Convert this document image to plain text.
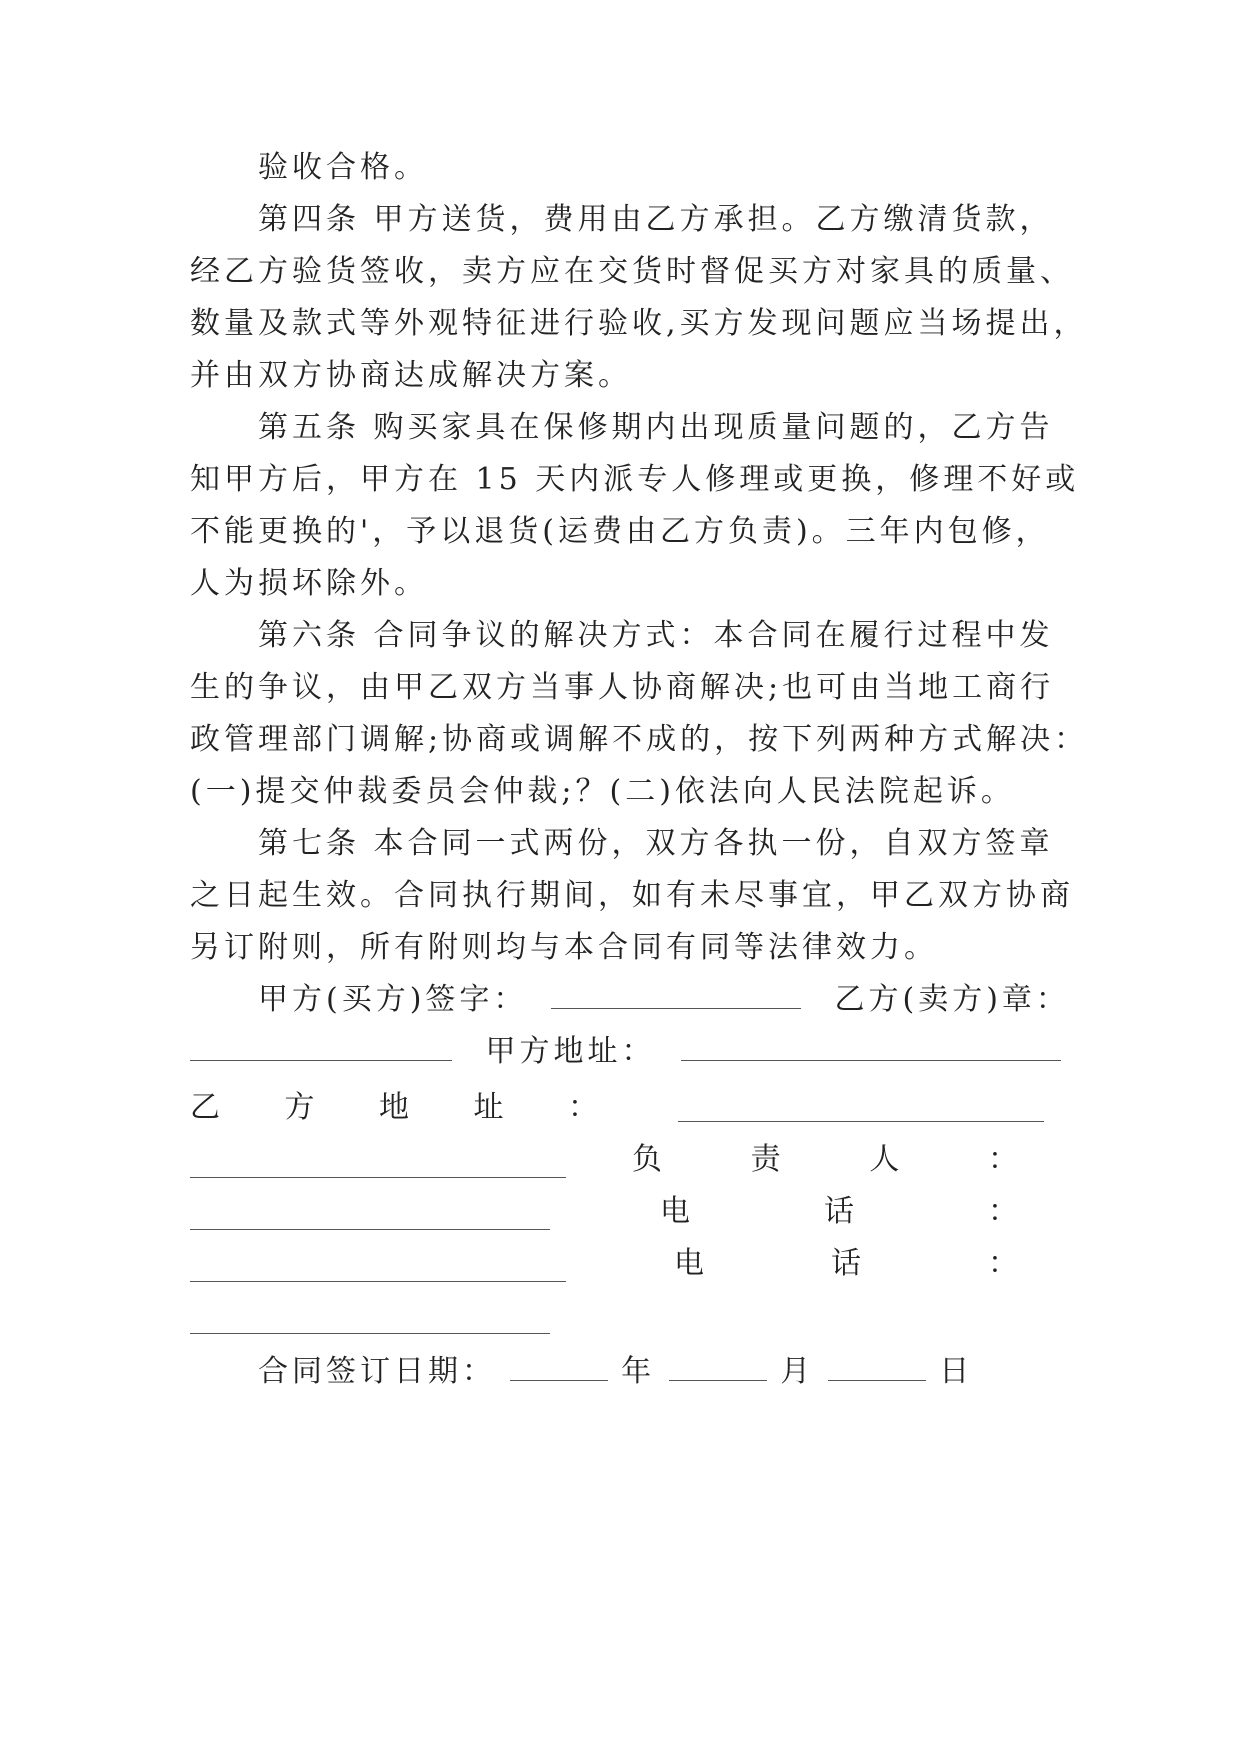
验收合格。
第四条 甲方送货，费用由乙方承担。乙方缴清货款，
经乙方验货签收，卖方应在交货时督促买方对家具的质量、
数量及款式等外观特征进行验收,买方发现问题应当场提出，
并由双方协商达成解决方案。
第五条 购买家具在保修期内出现质量问题的，乙方告
知甲方后，甲方在 15 天内派专人修理或更换，修理不好或
不能更换的'，予以退货(运费由乙方负责)。三年内包修，
人为损坏除外。
第六条 合同争议的解决方式：本合同在履行过程中发
生的争议，由甲乙双方当事人协商解决;也可由当地工商行
政管理部门调解;协商或调解不成的，按下列两种方式解决：
(一)提交仲裁委员会仲裁;？(二)依法向人民法院起诉。
第七条 本合同一式两份，双方各执一份，自双方签章
之日起生效。合同执行期间，如有未尽事宜，甲乙双方协商
另订附则，所有附则均与本合同有同等法律效力。
甲方(买方)签字：	乙方(卖方)章：
甲方地址：
乙 方 地 址 ：
负	责	人	：
电	话	：
电	话	：
合同签订日期：	年	月	日
